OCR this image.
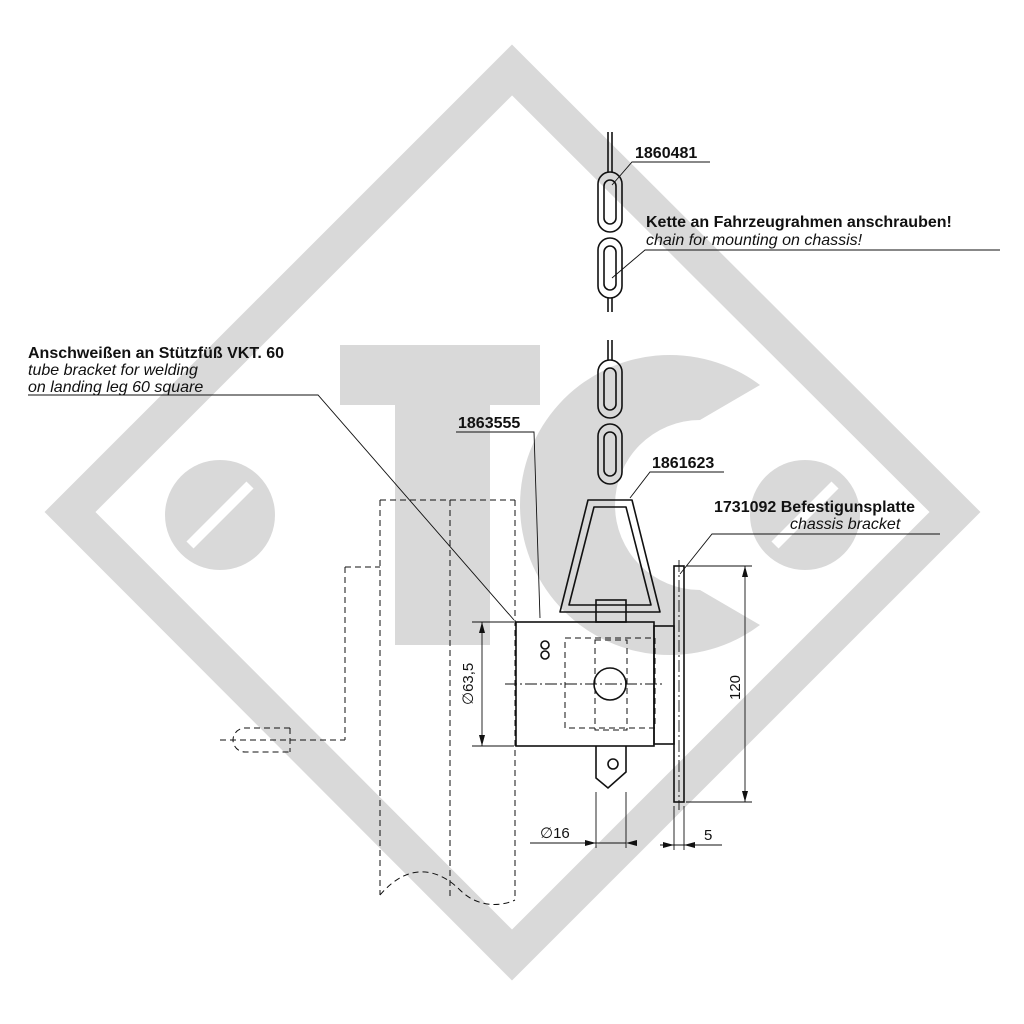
∅63,5
∅16
120
5
1860481
Kette an Fahrzeugrahmen anschrauben!
chain for mounting on chassis!
Anschweißen an Stützfüß VKT. 60
tube bracket for welding
on landing leg 60 square
1863555
1861623
1731092 Befestigunsplatte
chassis bracket
